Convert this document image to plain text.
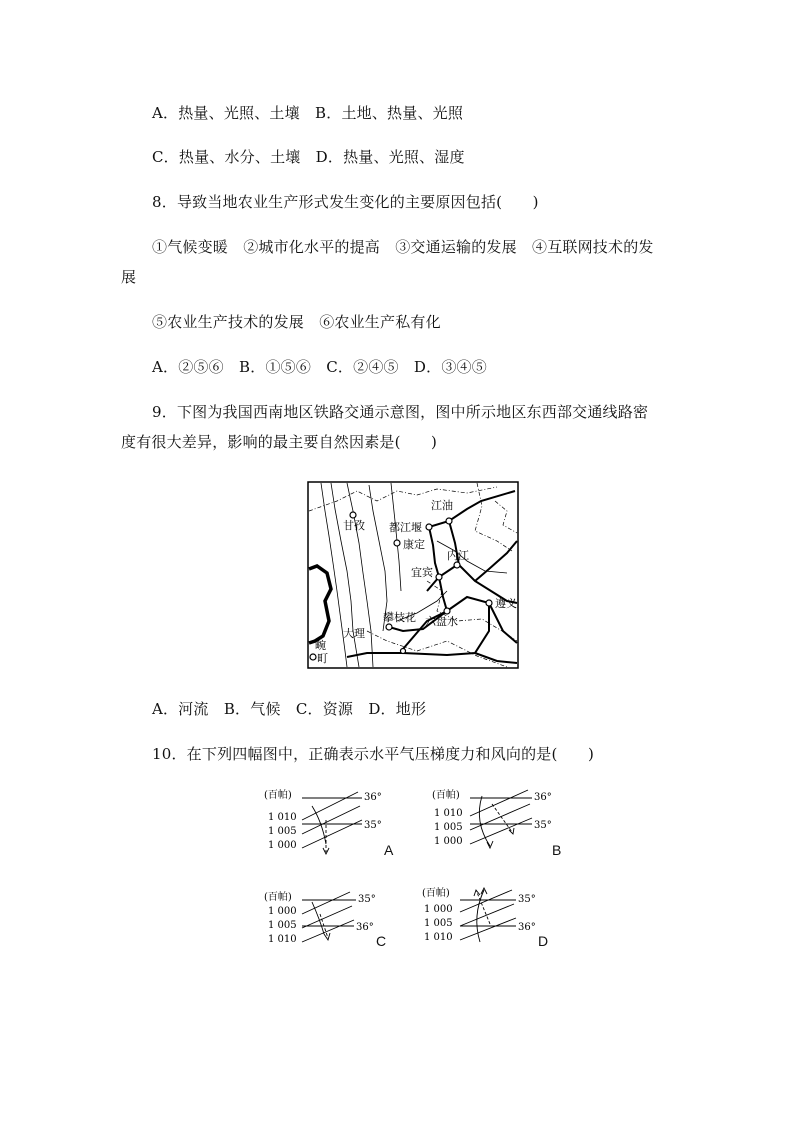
A．热量、光照、土壤　B．土地、热量、光照
C．热量、水分、土壤　D．热量、光照、湿度
8．导致当地农业生产形式发生变化的主要原因包括(　　)
①气候变暖　②城市化水平的提高　③交通运输的发展　④互联网技术的发
展
⑤农业生产技术的发展　⑥农业生产私有化
A．②⑤⑥　B．①⑤⑥　C．②④⑤　D．③④⑤
9．下图为我国西南地区铁路交通示意图，图中所示地区东西部交通线路密
度有很大差异，影响的最主要自然因素是(　　)
江油
甘孜 都江堰
康定
内江
宜宾
遵义
六盘水
攀枝花
大理
畹
町
A．河流　B．气候　C．资源　D．地形
10．在下列四幅图中，正确表示水平气压梯度力和风向的是(　　)
(百帕)
1 010
1 005
1 000
36°
35°
A
(百帕)
1 010
1 005
1 000
36°
35°
B
(百帕)
1 000
1 005
1 010
35°
36°
C
(百帕)
1 000
1 005
1 010
35°
36°
D
